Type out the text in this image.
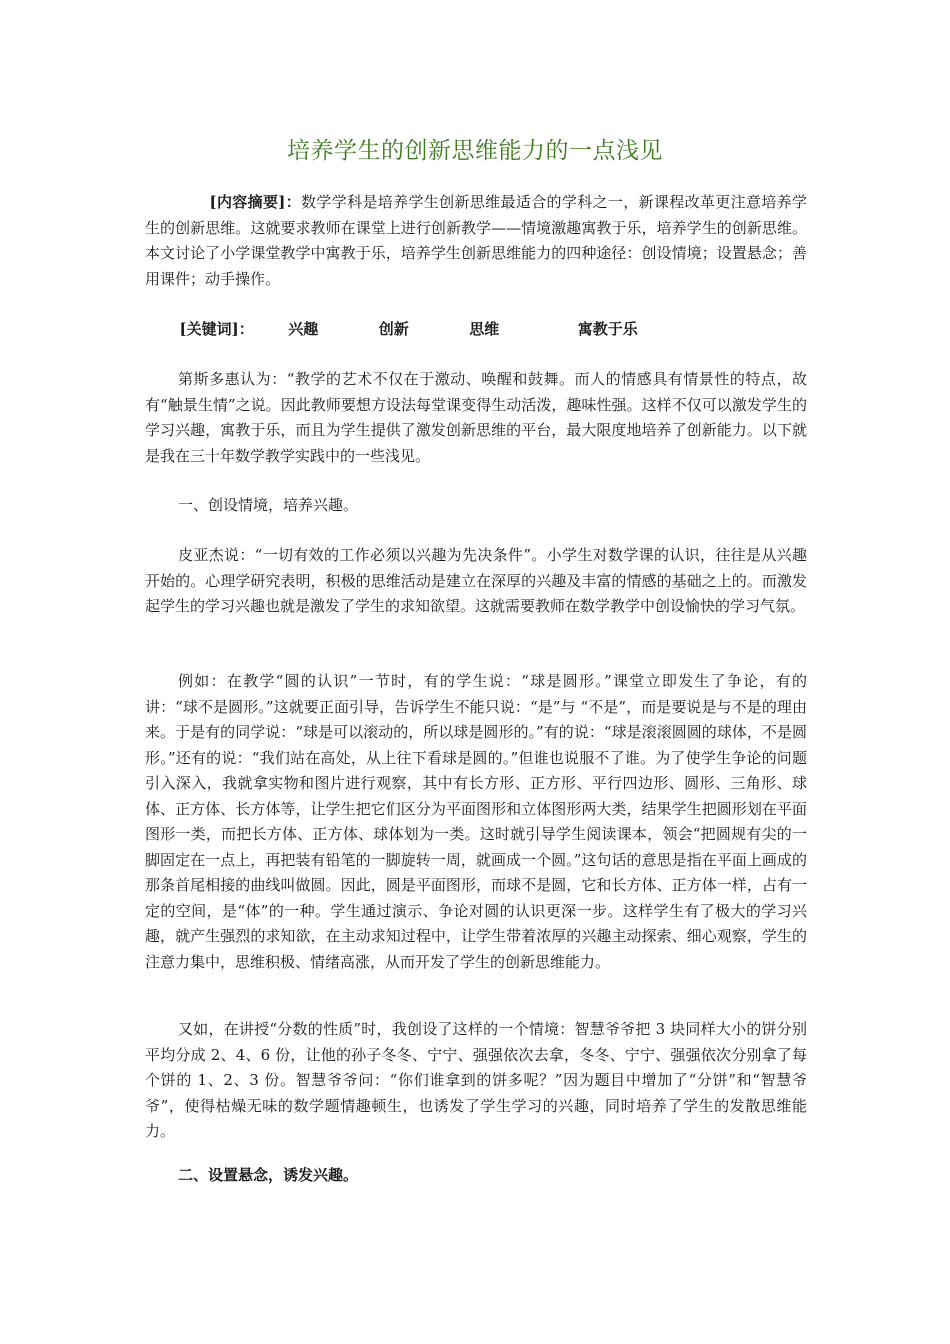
培养学生的创新思维能力的一点浅见

[内容摘要]：数学学科是培养学生创新思维最适合的学科之一，新课程改革更注意培养学生的创新思维。这就要求教师在课堂上进行创新教学——情境激趣寓教于乐，培养学生的创新思维。本文讨论了小学课堂教学中寓教于乐，培养学生创新思维能力的四种途径：创设情境；设置悬念；善用课件；动手操作。

[关键词]： 兴趣	创新	思维	寓教于乐

第斯多惠认为：“教学的艺术不仅在于激动、唤醒和鼓舞。而人的情感具有情景性的特点，故有“触景生情”之说。因此教师要想方设法每堂课变得生动活泼，趣味性强。这样不仅可以激发学生的学习兴趣，寓教于乐，而且为学生提供了激发创新思维的平台，最大限度地培养了创新能力。以下就是我在三十年数学教学实践中的一些浅见。

一、创设情境，培养兴趣。

皮亚杰说：“一切有效的工作必须以兴趣为先决条件”。小学生对数学课的认识，往往是从兴趣开始的。心理学研究表明，积极的思维活动是建立在深厚的兴趣及丰富的情感的基础之上的。而激发起学生的学习兴趣也就是激发了学生的求知欲望。这就需要教师在数学教学中创设愉快的学习气氛。

例如：在教学“圆的认识”一节时，有的学生说：“球是圆形。”课堂立即发生了争论，有的讲：“球不是圆形。”这就要正面引导，告诉学生不能只说：“是”与 “不是”，而是要说是与不是的理由来。于是有的同学说：“球是可以滚动的，所以球是圆形的。”有的说：“球是滚滚圆圆的球体，不是圆形。”还有的说：“我们站在高处，从上往下看球是圆的。”但谁也说服不了谁。为了使学生争论的问题引入深入，我就拿实物和图片进行观察，其中有长方形、正方形、平行四边形、圆形、三角形、球体、正方体、长方体等，让学生把它们区分为平面图形和立体图形两大类，结果学生把圆形划在平面图形一类，而把长方体、正方体、球体划为一类。这时就引导学生阅读课本，领会“把圆规有尖的一脚固定在一点上，再把装有铅笔的一脚旋转一周，就画成一个圆。”这句话的意思是指在平面上画成的那条首尾相接的曲线叫做圆。因此，圆是平面图形，而球不是圆，它和长方体、正方体一样，占有一定的空间，是“体”的一种。学生通过演示、争论对圆的认识更深一步。这样学生有了极大的学习兴趣，就产生强烈的求知欲，在主动求知过程中，让学生带着浓厚的兴趣主动探索、细心观察，学生的注意力集中，思维积极、情绪高涨，从而开发了学生的创新思维能力。

又如，在讲授“分数的性质”时，我创设了这样的一个情境：智慧爷爷把 3 块同样大小的饼分别平均分成 2、4、6 份，让他的孙子冬冬、宁宁、强强依次去拿，冬冬、宁宁、强强依次分别拿了每个饼的 1、2、3 份。智慧爷爷问：“你们谁拿到的饼多呢？”因为题目中增加了“分饼”和“智慧爷爷”，使得枯燥无味的数学题情趣顿生，也诱发了学生学习的兴趣，同时培养了学生的发散思维能力。

二、设置悬念，诱发兴趣。
